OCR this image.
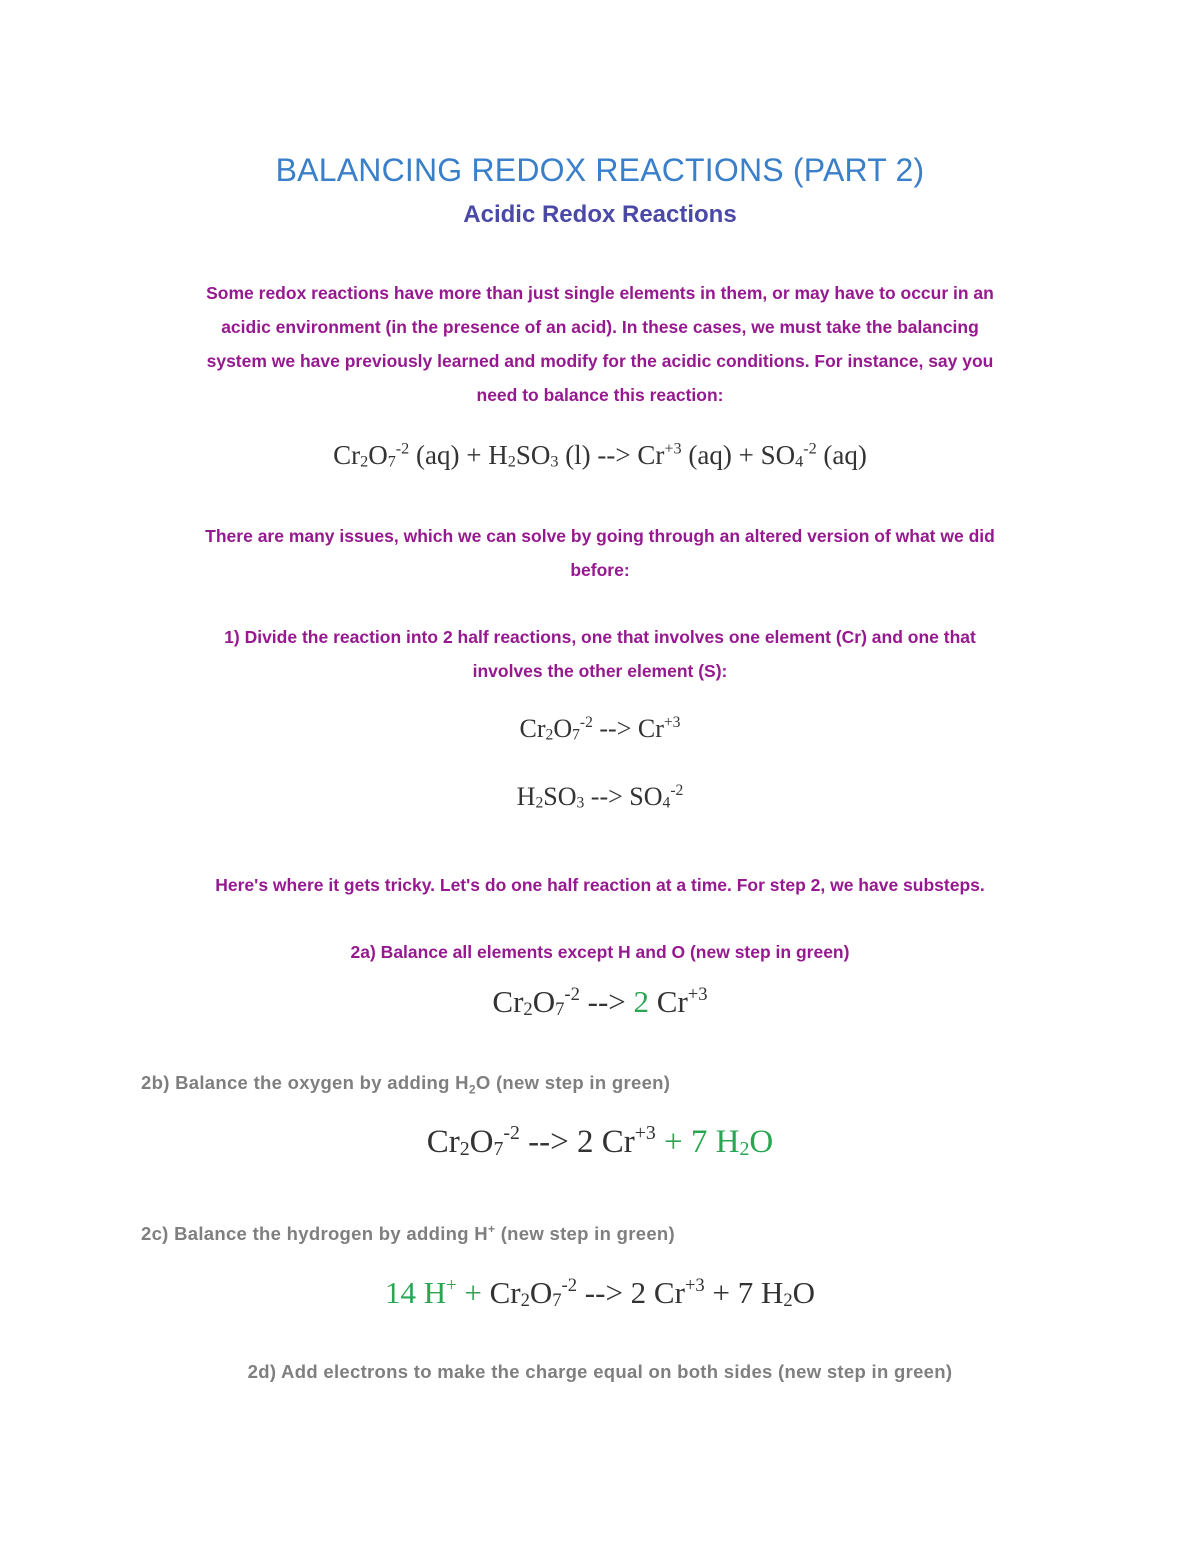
BALANCING REDOX REACTIONS (PART 2)
Acidic Redox Reactions
Some redox reactions have more than just single elements in them, or may have to occur in an
acidic environment (in the presence of an acid). In these cases, we must take the balancing
system we have previously learned and modify for the acidic conditions. For instance, say you
need to balance this reaction:
$Cr_2O_7^{-2}$ $(aq) + H_2SO_3$ (l) --> $Cr^{+3}$ $(aq) + SO_4^{-2}$ (aq)
There are many issues, which we can solve by going through an altered version of what we did
before:
1) Divide the reaction into 2 half reactions, one that involves one element (Cr) and one that
involves the other element (S):
$Cr_2O_7^{-2}$ --> $Cr^{+3}$
$H_2SO_3$ --> $SO_4^{-2}$
Here's where it gets tricky. Let's do one half reaction at a time. For step 2, we have substeps.
2a) Balance all elements except H and O (new step in green)
$Cr_2O_7^{-2}$ --> 2 $Cr^{+3}$
2b) Balance the oxygen by adding $H_2O$ (new step in green)
$Cr_2O_7^{-2}$ --> 2 $Cr^{+3} + 7$ $H_2O$
2c) Balance the hydrogen by adding H+ (new step in green)
14 $H^+ + Cr_2O_7^{-2}$ --> 2 $Cr^{+3} + 7$ $H_2O$
2d) Add electrons to make the charge equal on both sides (new step in green)
